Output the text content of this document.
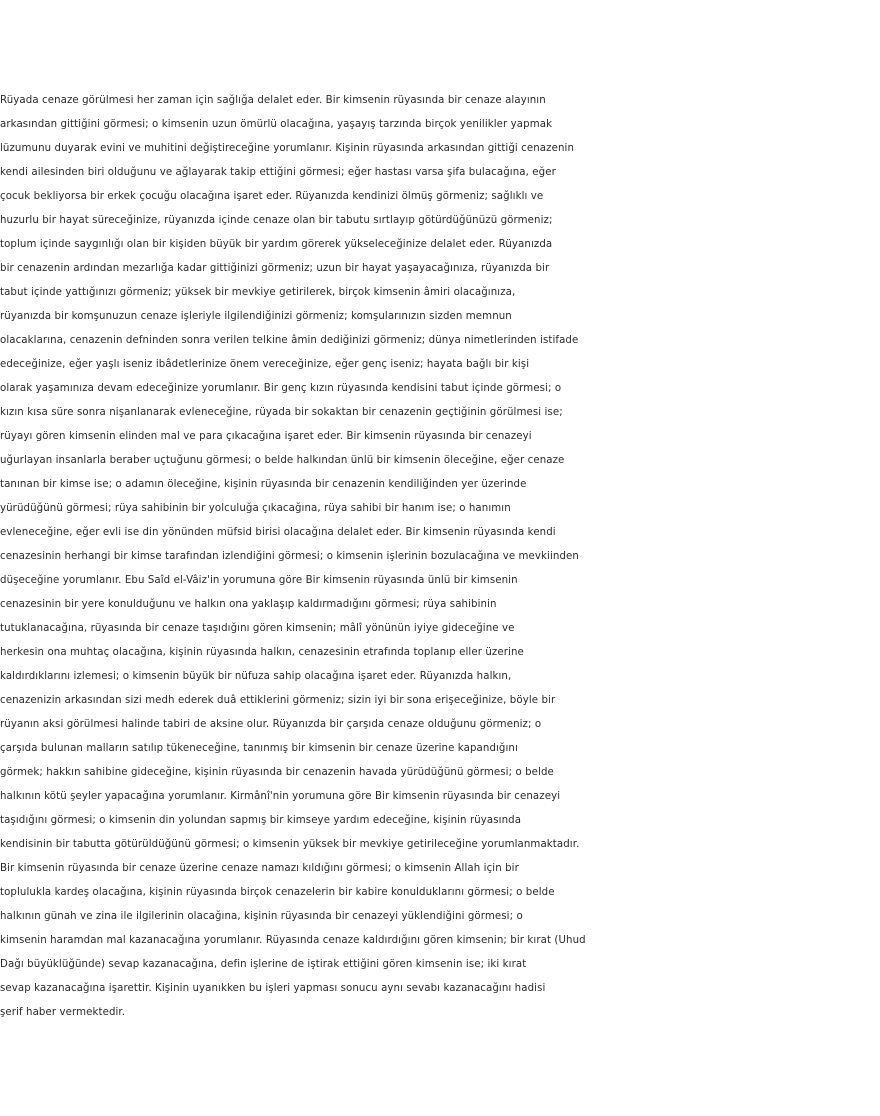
Rüyada cenaze görülmesi her zaman için sağlığa delalet eder. Bir kimsenin rüyasında bir cenaze alayının
arkasından gittiğini görmesi; o kimsenin uzun ömürlü olacağına, yaşayış tarzında birçok yenilikler yapmak
lüzumunu duyarak evini ve muhitini değiştireceğine yorumlanır. Kişinin rüyasında arkasından gittiği cenazenin
kendi ailesinden biri olduğunu ve ağlayarak takip ettiğini görmesi; eğer hastası varsa şifa bulacağına, eğer
çocuk bekliyorsa bir erkek çocuğu olacağına işaret eder. Rüyanızda kendinizi ölmüş görmeniz; sağlıklı ve
huzurlu bir hayat süreceğinize, rüyanızda içinde cenaze olan bir tabutu sırtlayıp götürdüğünüzü görmeniz;
toplum içinde saygınlığı olan bir kişiden büyük bir yardım görerek yükseleceğinize delalet eder. Rüyanızda
bir cenazenin ardından mezarlığa kadar gittiğinizi görmeniz; uzun bir hayat yaşayacağınıza, rüyanızda bir
tabut içinde yattığınızı görmeniz; yüksek bir mevkiye getirilerek, birçok kimsenin âmiri olacağınıza,
rüyanızda bir komşunuzun cenaze işleriyle ilgilendiğinizi görmeniz; komşularınızın sizden memnun
olacaklarına, cenazenin defninden sonra verilen telkine âmin dediğinizi görmeniz; dünya nimetlerinden istifade
edeceğinize, eğer yaşlı iseniz ibâdetlerinize önem vereceğinize, eğer genç iseniz; hayata bağlı bir kişi
olarak yaşamınıza devam edeceğinize yorumlanır. Bir genç kızın rüyasında kendisini tabut içinde görmesi; o
kızın kısa süre sonra nişanlanarak evleneceğine, rüyada bir sokaktan bir cenazenin geçtiğinin görülmesi ise;
rüyayı gören kimsenin elinden mal ve para çıkacağına işaret eder. Bir kimsenin rüyasında bir cenazeyi
uğurlayan insanlarla beraber uçtuğunu görmesi; o belde halkından ünlü bir kimsenin öleceğine, eğer cenaze
tanınan bir kimse ise; o adamın öleceğine, kişinin rüyasında bir cenazenin kendiliğinden yer üzerinde
yürüdüğünü görmesi; rüya sahibinin bir yolculuğa çıkacağına, rüya sahibi bir hanım ise; o hanımın
evleneceğine, eğer evli ise din yönünden müfsid birisi olacağına delalet eder. Bir kimsenin rüyasında kendi
cenazesinin herhangi bir kimse tarafından izlendiğini görmesi; o kimsenin işlerinin bozulacağına ve mevkiinden
düşeceğine yorumlanır. Ebu Saîd el-Vâiz'in yorumuna göre Bir kimsenin rüyasında ünlü bir kimsenin
cenazesinin bir yere konulduğunu ve halkın ona yaklaşıp kaldırmadığını görmesi; rüya sahibinin
tutuklanacağına, rüyasında bir cenaze taşıdığını gören kimsenin; mâlî yönünün iyiye gideceğine ve
herkesin ona muhtaç olacağına, kişinin rüyasında halkın, cenazesinin etrafında toplanıp eller üzerine
kaldırdıklarını izlemesi; o kimsenin büyük bir nüfuza sahip olacağına işaret eder. Rüyanızda halkın,
cenazenizin arkasından sizi medh ederek duâ ettiklerini görmeniz; sizin iyi bir sona erişeceğinize, böyle bir
rüyanın aksi görülmesi halinde tabiri de aksine olur. Rüyanızda bir çarşıda cenaze olduğunu görmeniz; o
çarşıda bulunan malların satılıp tükeneceğine, tanınmış bir kimsenin bir cenaze üzerine kapandığını
görmek; hakkın sahibine gideceğine, kişinin rüyasında bir cenazenin havada yürüdüğünü görmesi; o belde
halkının kötü şeyler yapacağına yorumlanır. Kirmânî'nin yorumuna göre Bir kimsenin rüyasında bir cenazeyi
taşıdığını görmesi; o kimsenin din yolundan sapmış bir kimseye yardım edeceğine, kişinin rüyasında
kendisinin bir tabutta götürüldüğünü görmesi; o kimsenin yüksek bir mevkiye getirileceğine yorumlanmaktadır.
Bir kimsenin rüyasında bir cenaze üzerine cenaze namazı kıldığını görmesi; o kimsenin Allah için bir
toplulukla kardeş olacağına, kişinin rüyasında birçok cenazelerin bir kabire konulduklarını görmesi; o belde
halkının günah ve zina ile ilgilerinin olacağına, kişinin rüyasında bir cenazeyi yüklendiğini görmesi; o
kimsenin haramdan mal kazanacağına yorumlanır. Rüyasında cenaze kaldırdığını gören kimsenin; bir kırat (Uhud
Dağı büyüklüğünde) sevap kazanacağına, defin işlerine de iştirak ettiğini gören kimsenin ise; iki kırat
sevap kazanacağına işarettir. Kişinin uyanıkken bu işleri yapması sonucu aynı sevabı kazanacağını hadisi
şerif haber vermektedir.
